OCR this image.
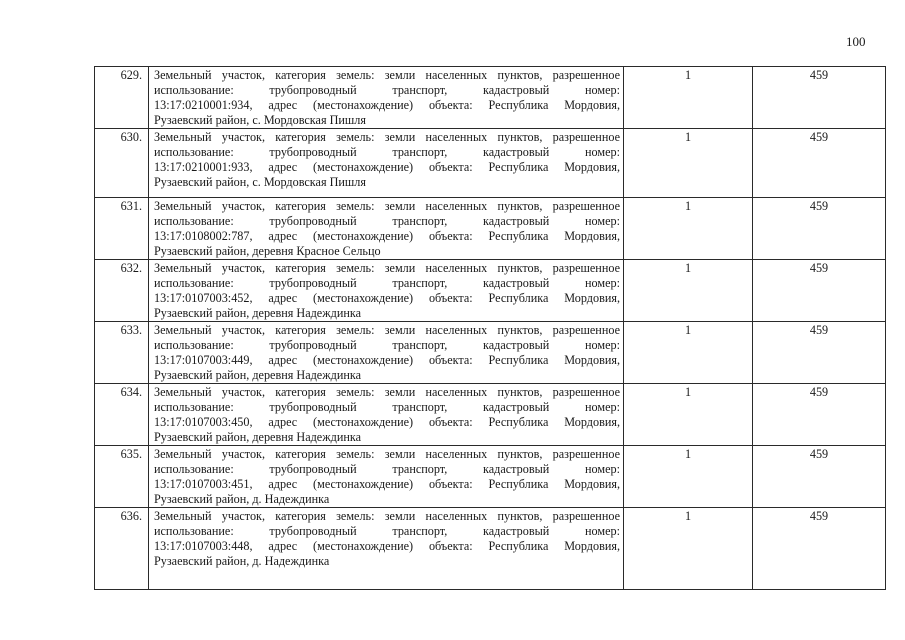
100
629.	Земельный участок, категория земель: земли населенных пунктов, разрешенное
использование: трубопроводный транспорт, кадастровый номер:
13:17:0210001:934, адрес (местонахождение) объекта: Республика Мордовия,
Рузаевский район, с. Мордовская Пишля	1	459
630.	Земельный участок, категория земель: земли населенных пунктов, разрешенное
использование: трубопроводный транспорт, кадастровый номер:
13:17:0210001:933, адрес (местонахождение) объекта: Республика Мордовия,
Рузаевский район, с. Мордовская Пишля	1	459
631.	Земельный участок, категория земель: земли населенных пунктов, разрешенное
использование: трубопроводный транспорт, кадастровый номер:
13:17:0108002:787, адрес (местонахождение) объекта: Республика Мордовия,
Рузаевский район, деревня Красное Сельцо	1	459
632.	Земельный участок, категория земель: земли населенных пунктов, разрешенное
использование: трубопроводный транспорт, кадастровый номер:
13:17:0107003:452, адрес (местонахождение) объекта: Республика Мордовия,
Рузаевский район, деревня Надеждинка	1	459
633.	Земельный участок, категория земель: земли населенных пунктов, разрешенное
использование: трубопроводный транспорт, кадастровый номер:
13:17:0107003:449, адрес (местонахождение) объекта: Республика Мордовия,
Рузаевский район, деревня Надеждинка	1	459
634.	Земельный участок, категория земель: земли населенных пунктов, разрешенное
использование: трубопроводный транспорт, кадастровый номер:
13:17:0107003:450, адрес (местонахождение) объекта: Республика Мордовия,
Рузаевский район, деревня Надеждинка	1	459
635.	Земельный участок, категория земель: земли населенных пунктов, разрешенное
использование: трубопроводный транспорт, кадастровый номер:
13:17:0107003:451, адрес (местонахождение) объекта: Республика Мордовия,
Рузаевский район, д. Надеждинка	1	459
636.	Земельный участок, категория земель: земли населенных пунктов, разрешенное
использование: трубопроводный транспорт, кадастровый номер:
13:17:0107003:448, адрес (местонахождение) объекта: Республика Мордовия,
Рузаевский район, д. Надеждинка	1	459
